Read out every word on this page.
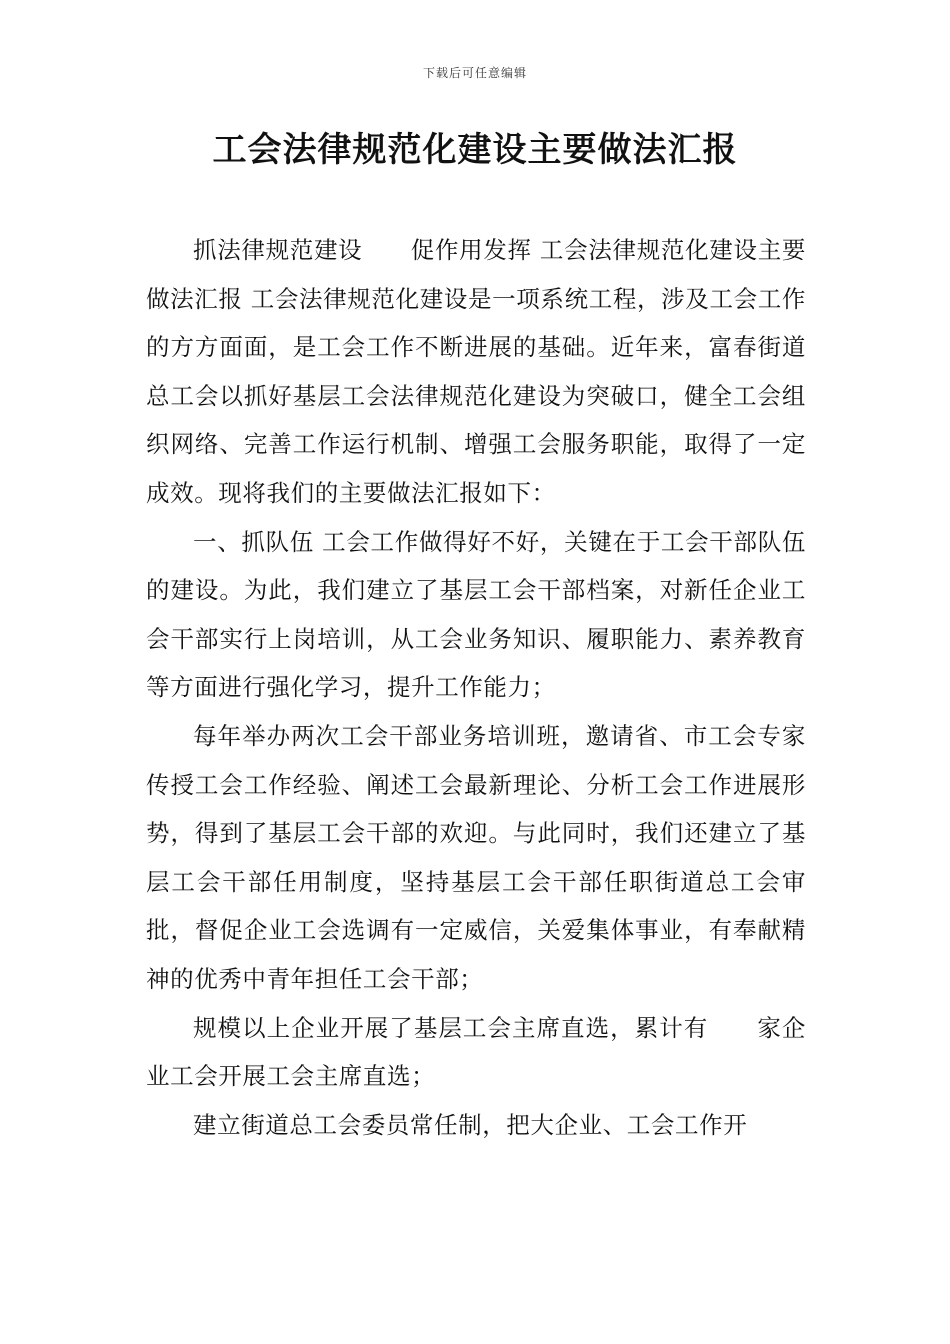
下载后可任意编辑
工会法律规范化建设主要做法汇报

抓法律规范建设　　促作用发挥 工会法律规范化建设主要做法汇报 工会法律规范化建设是一项系统工程，涉及工会工作的方方面面，是工会工作不断进展的基础。近年来，富春街道总工会以抓好基层工会法律规范化建设为突破口，健全工会组织网络、完善工作运行机制、增强工会服务职能，取得了一定成效。现将我们的主要做法汇报如下：

一、抓队伍 工会工作做得好不好，关键在于工会干部队伍的建设。为此，我们建立了基层工会干部档案，对新任企业工会干部实行上岗培训，从工会业务知识、履职能力、素养教育等方面进行强化学习，提升工作能力；

每年举办两次工会干部业务培训班，邀请省、市工会专家传授工会工作经验、阐述工会最新理论、分析工会工作进展形势，得到了基层工会干部的欢迎。与此同时，我们还建立了基层工会干部任用制度，坚持基层工会干部任职街道总工会审批，督促企业工会选调有一定威信，关爱集体事业，有奉献精神的优秀中青年担任工会干部；

规模以上企业开展了基层工会主席直选，累计有　　家企业工会开展工会主席直选；

建立街道总工会委员常任制，把大企业、工会工作开
